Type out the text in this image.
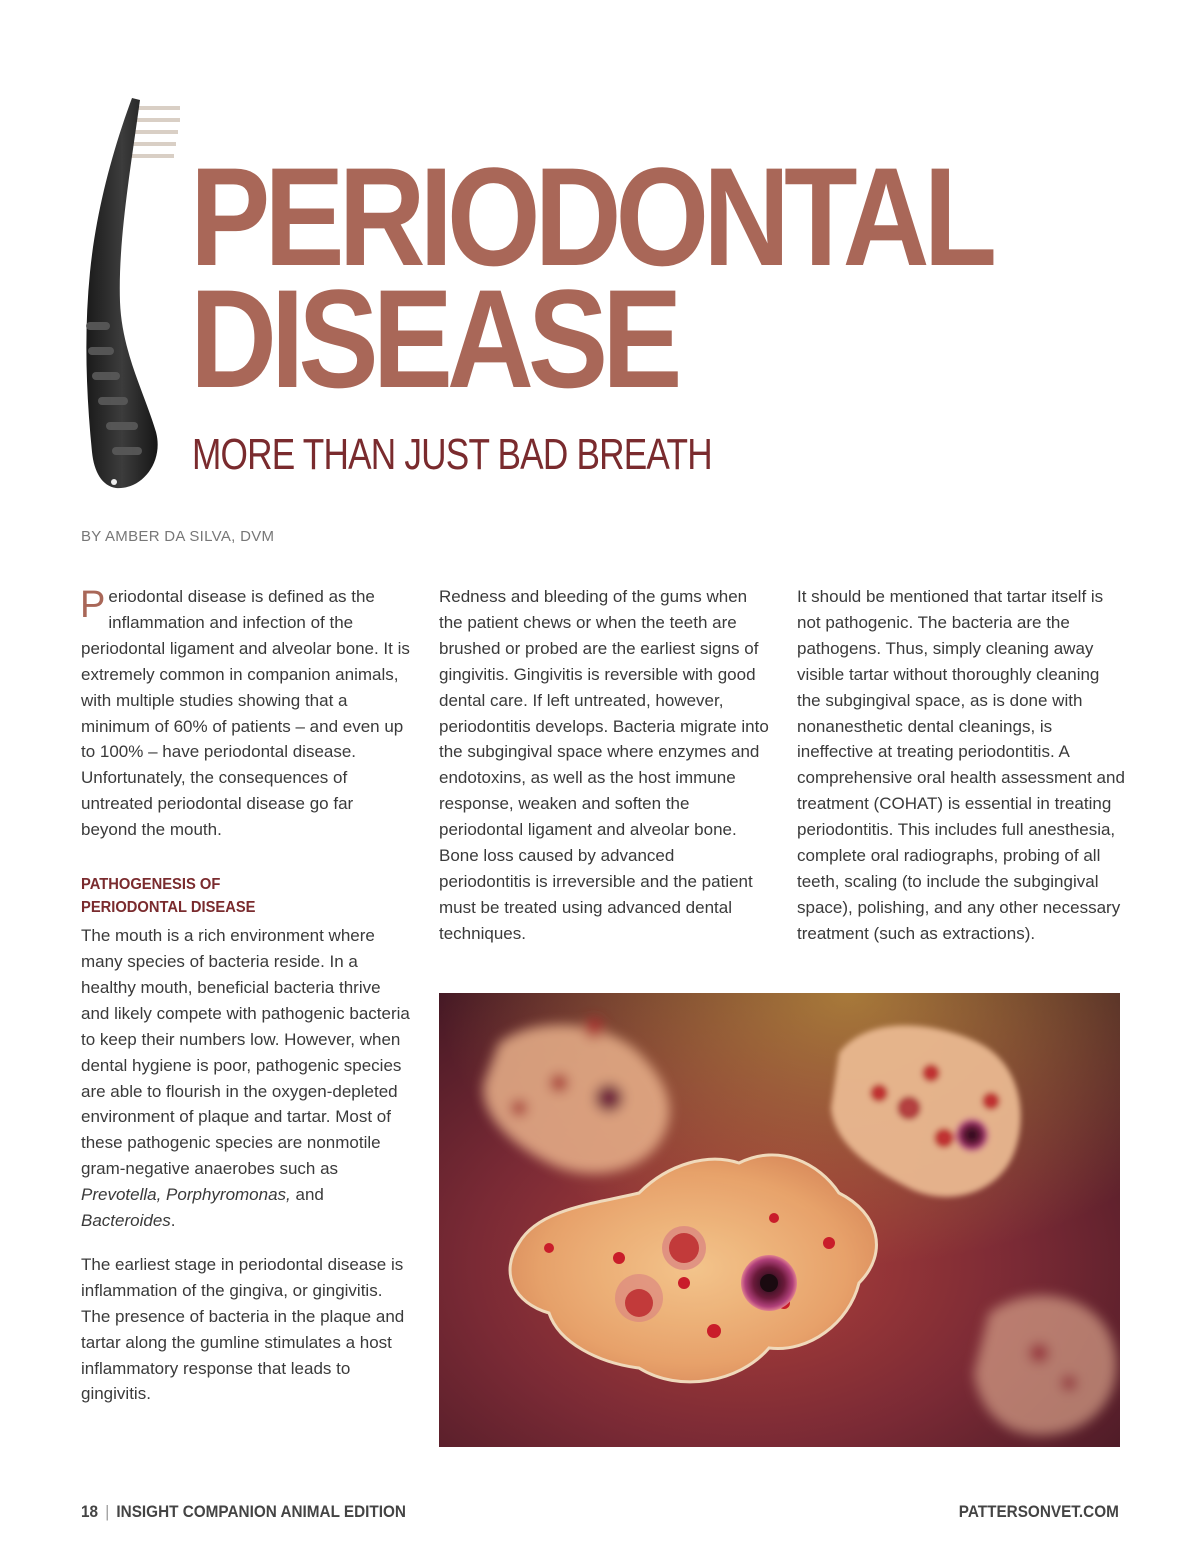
PERIODONTAL
DISEASE
MORE THAN JUST BAD BREATH
BY AMBER DA SILVA, DVM

Periodontal disease is defined as the inflammation and infection of the periodontal ligament and alveolar bone. It is extremely common in companion animals, with multiple studies showing that a minimum of 60% of patients – and even up to 100% – have periodontal disease. Unfortunately, the consequences of untreated periodontal disease go far beyond the mouth.

PATHOGENESIS OF
PERIODONTAL DISEASE

The mouth is a rich environment where many species of bacteria reside. In a healthy mouth, beneficial bacteria thrive and likely compete with pathogenic bacteria to keep their numbers low. However, when dental hygiene is poor, pathogenic species are able to flourish in the oxygen-depleted environment of plaque and tartar. Most of these pathogenic species are nonmotile gram-negative anaerobes such as Prevotella, Porphyromonas, and Bacteroides.

The earliest stage in periodontal disease is inflammation of the gingiva, or gingivitis. The presence of bacteria in the plaque and tartar along the gumline stimulates a host inflammatory response that leads to gingivitis.

Redness and bleeding of the gums when the patient chews or when the teeth are brushed or probed are the earliest signs of gingivitis. Gingivitis is reversible with good dental care. If left untreated, however, periodontitis develops. Bacteria migrate into the subgingival space where enzymes and endotoxins, as well as the host immune response, weaken and soften the periodontal ligament and alveolar bone. Bone loss caused by advanced periodontitis is irreversible and the patient must be treated using advanced dental techniques.

It should be mentioned that tartar itself is not pathogenic. The bacteria are the pathogens. Thus, simply cleaning away visible tartar without thoroughly cleaning the subgingival space, as is done with nonanesthetic dental cleanings, is ineffective at treating periodontitis. A comprehensive oral health assessment and treatment (COHAT) is essential in treating periodontitis. This includes full anesthesia, complete oral radiographs, probing of all teeth, scaling (to include the subgingival space), polishing, and any other necessary treatment (such as extractions).

18 | INSIGHT COMPANION ANIMAL EDITION	PATTERSONVET.COM
